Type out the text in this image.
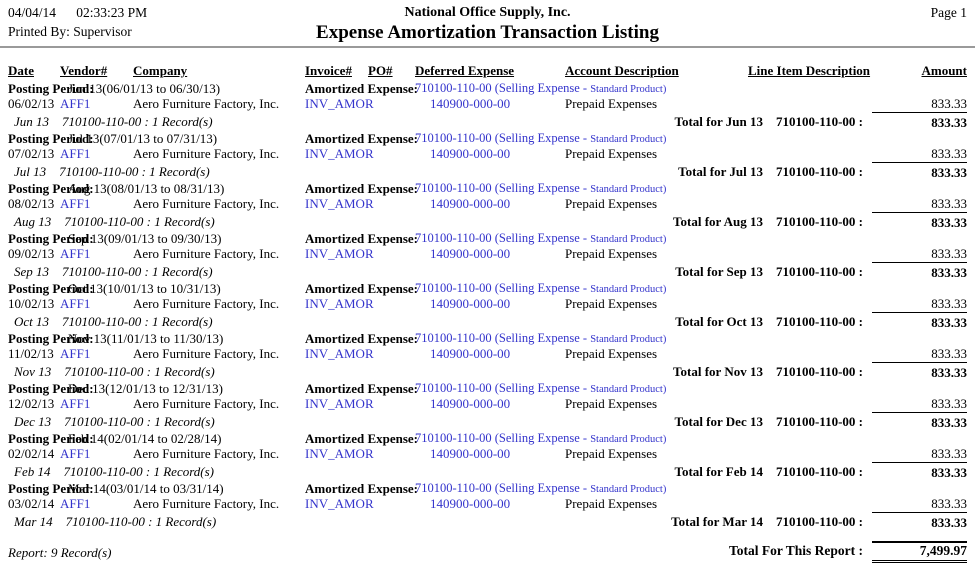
04/04/14      02:33:23 PM	National Office Supply, Inc.	Page 1
Printed By: Supervisor	Expense Amortization Transaction Listing
Date Vendor# Company	Invoice# PO# Deferred Expense	Account Description	Line Item Description	Amount
Posting Period:
Jun 13(06/01/13 to 06/30/13)	Amortized Expense:
710100-110-00 (Selling Expense - Standard Product)
06/02/13 AFF1	Aero Furniture Factory, Inc. INV_AMOR	140900-000-00	Prepaid Expenses	833.33
Jun 13    710100-110-00 : 1 Record(s)	Total for Jun 13    710100-110-00 :	833.33
Posting Period:
Jul 13(07/01/13 to 07/31/13)	Amortized Expense:
710100-110-00 (Selling Expense - Standard Product)
07/02/13 AFF1	Aero Furniture Factory, Inc. INV_AMOR	140900-000-00	Prepaid Expenses	833.33
Jul 13    710100-110-00 : 1 Record(s)	Total for Jul 13    710100-110-00 :	833.33
Posting Period:
Aug 13(08/01/13 to 08/31/13)	Amortized Expense:
710100-110-00 (Selling Expense - Standard Product)
08/02/13 AFF1	Aero Furniture Factory, Inc. INV_AMOR	140900-000-00	Prepaid Expenses	833.33
Aug 13    710100-110-00 : 1 Record(s)	Total for Aug 13    710100-110-00 :	833.33
Posting Period:
Sep 13(09/01/13 to 09/30/13)	Amortized Expense:
710100-110-00 (Selling Expense - Standard Product)
09/02/13 AFF1	Aero Furniture Factory, Inc. INV_AMOR	140900-000-00	Prepaid Expenses	833.33
Sep 13    710100-110-00 : 1 Record(s)	Total for Sep 13    710100-110-00 :	833.33
Posting Period:
Oct 13(10/01/13 to 10/31/13)	Amortized Expense:
710100-110-00 (Selling Expense - Standard Product)
10/02/13 AFF1	Aero Furniture Factory, Inc. INV_AMOR	140900-000-00	Prepaid Expenses	833.33
Oct 13    710100-110-00 : 1 Record(s)	Total for Oct 13    710100-110-00 :	833.33
Posting Period:
Nov 13(11/01/13 to 11/30/13)	Amortized Expense:
710100-110-00 (Selling Expense - Standard Product)
11/02/13 AFF1	Aero Furniture Factory, Inc. INV_AMOR	140900-000-00	Prepaid Expenses	833.33
Nov 13    710100-110-00 : 1 Record(s)	Total for Nov 13    710100-110-00 :	833.33
Posting Period:
Dec 13(12/01/13 to 12/31/13)	Amortized Expense:
710100-110-00 (Selling Expense - Standard Product)
12/02/13 AFF1	Aero Furniture Factory, Inc. INV_AMOR	140900-000-00	Prepaid Expenses	833.33
Dec 13    710100-110-00 : 1 Record(s)	Total for Dec 13    710100-110-00 :	833.33
Posting Period:
Feb 14(02/01/14 to 02/28/14)	Amortized Expense:
710100-110-00 (Selling Expense - Standard Product)
02/02/14 AFF1	Aero Furniture Factory, Inc. INV_AMOR	140900-000-00	Prepaid Expenses	833.33
Feb 14    710100-110-00 : 1 Record(s)	Total for Feb 14    710100-110-00 :	833.33
Posting Period:
Mar 14(03/01/14 to 03/31/14)	Amortized Expense:
710100-110-00 (Selling Expense - Standard Product)
03/02/14 AFF1	Aero Furniture Factory, Inc. INV_AMOR	140900-000-00	Prepaid Expenses	833.33
Mar 14    710100-110-00 : 1 Record(s)	Total for Mar 14    710100-110-00 :	833.33
Report: 9 Record(s)	Total For This Report :	7,499.97
